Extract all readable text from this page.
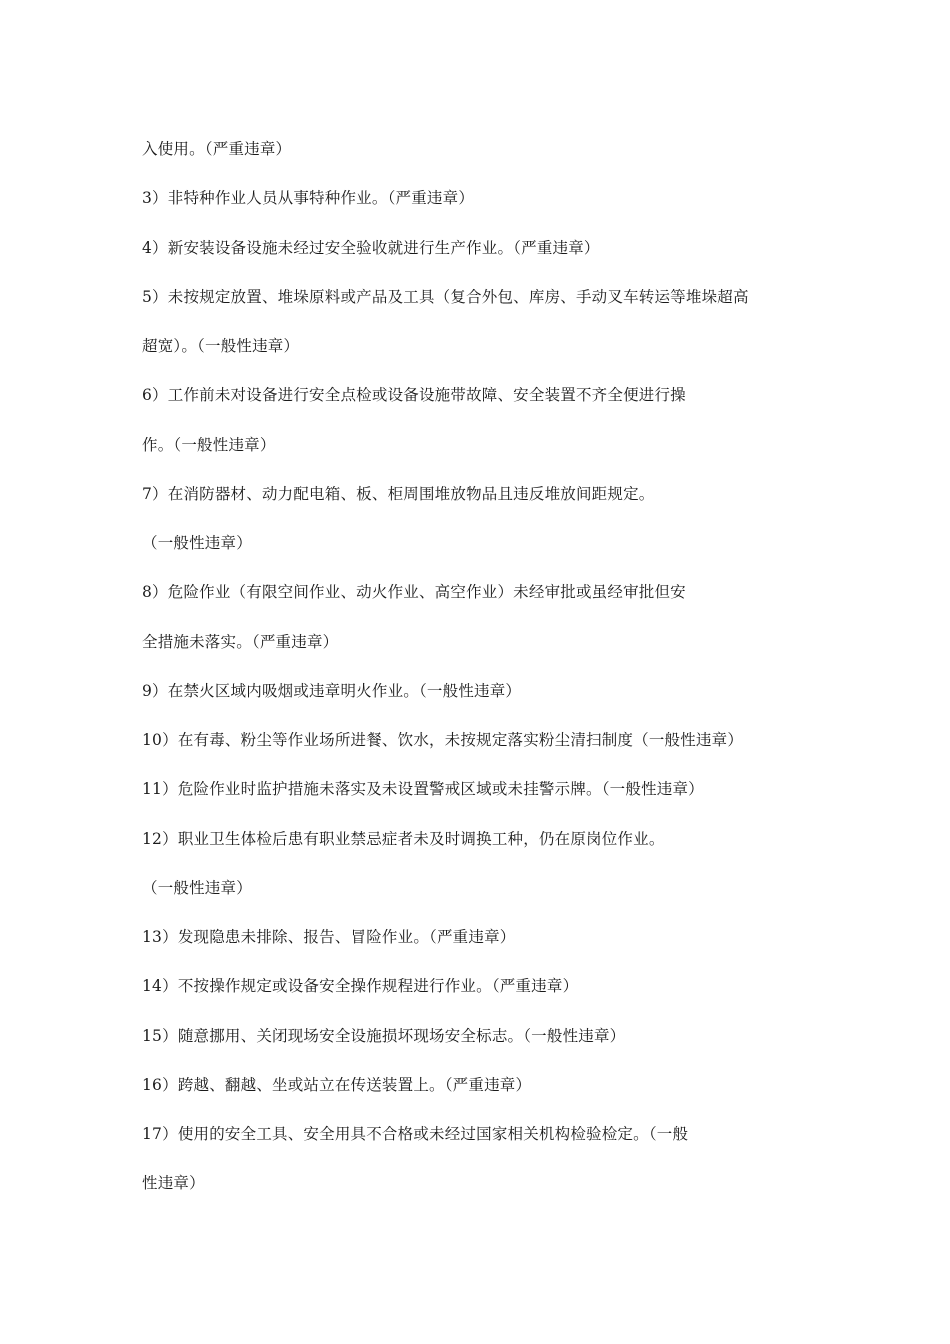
入使用。（严重违章）
3）非特种作业人员从事特种作业。（严重违章）
4）新安装设备设施未经过安全验收就进行生产作业。（严重违章）
5）未按规定放置、堆垛原料或产品及工具（复合外包、库房、手动叉车转运等堆垛超高
超宽）。（一般性违章）
6）工作前未对设备进行安全点检或设备设施带故障、安全装置不齐全便进行操
作。（一般性违章）
7）在消防器材、动力配电箱、板、柜周围堆放物品且违反堆放间距规定。
（一般性违章）
8）危险作业（有限空间作业、动火作业、高空作业）未经审批或虽经审批但安
全措施未落实。（严重违章）
9）在禁火区域内吸烟或违章明火作业。（一般性违章）
10）在有毒、粉尘等作业场所进餐、饮水，未按规定落实粉尘清扫制度（一般性违章）
11）危险作业时监护措施未落实及未设置警戒区域或未挂警示牌。（一般性违章）
12）职业卫生体检后患有职业禁忌症者未及时调换工种，仍在原岗位作业。
（一般性违章）
13）发现隐患未排除、报告、冒险作业。（严重违章）
14）不按操作规定或设备安全操作规程进行作业。（严重违章）
15）随意挪用、关闭现场安全设施损坏现场安全标志。（一般性违章）
16）跨越、翻越、坐或站立在传送装置上。（严重违章）
17）使用的安全工具、安全用具不合格或未经过国家相关机构检验检定。（一般
性违章）
